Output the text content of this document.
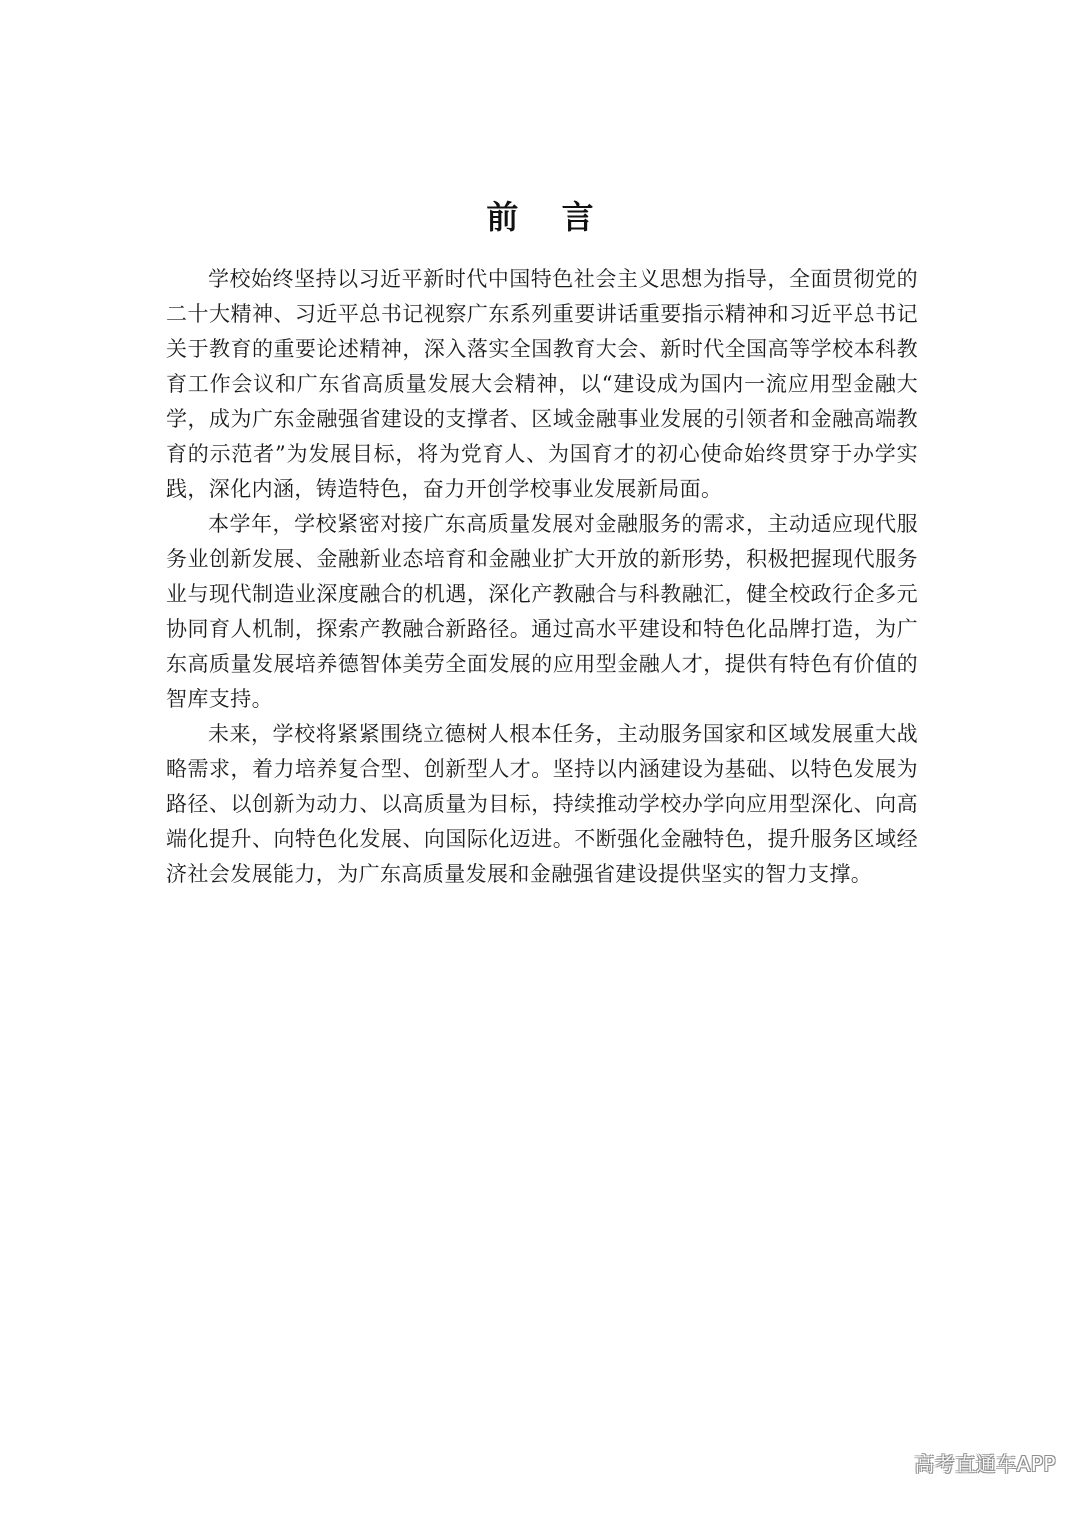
前 言

学校始终坚持以习近平新时代中国特色社会主义思想为指导，全面贯彻党的二十大精神、习近平总书记视察广东系列重要讲话重要指示精神和习近平总书记关于教育的重要论述精神，深入落实全国教育大会、新时代全国高等学校本科教育工作会议和广东省高质量发展大会精神，以“建设成为国内一流应用型金融大学，成为广东金融强省建设的支撑者、区域金融事业发展的引领者和金融高端教育的示范者”为发展目标，将为党育人、为国育才的初心使命始终贯穿于办学实践，深化内涵，铸造特色，奋力开创学校事业发展新局面。

本学年，学校紧密对接广东高质量发展对金融服务的需求，主动适应现代服务业创新发展、金融新业态培育和金融业扩大开放的新形势，积极把握现代服务业与现代制造业深度融合的机遇，深化产教融合与科教融汇，健全校政行企多元协同育人机制，探索产教融合新路径。通过高水平建设和特色化品牌打造，为广东高质量发展培养德智体美劳全面发展的应用型金融人才，提供有特色有价值的智库支持。

未来，学校将紧紧围绕立德树人根本任务，主动服务国家和区域发展重大战略需求，着力培养复合型、创新型人才。坚持以内涵建设为基础、以特色发展为路径、以创新为动力、以高质量为目标，持续推动学校办学向应用型深化、向高端化提升、向特色化发展、向国际化迈进。不断强化金融特色，提升服务区域经济社会发展能力，为广东高质量发展和金融强省建设提供坚实的智力支撑。

高考直通车APP
